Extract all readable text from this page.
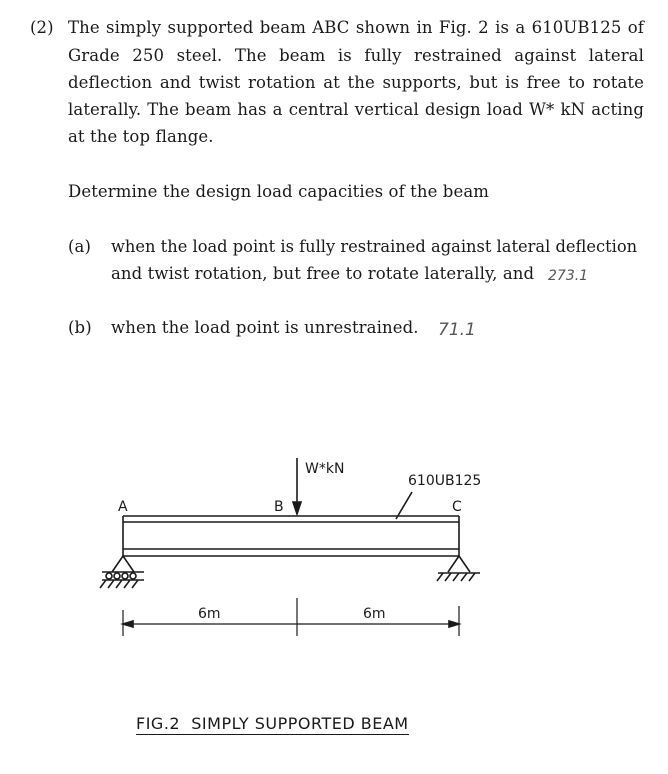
(2) The simply supported beam ABC shown in Fig. 2 is a 610UB125 of
Grade 250 steel. The beam is fully restrained against lateral
deflection and twist rotation at the supports, but is free to rotate
laterally. The beam has a central vertical design load W* kN acting
at the top flange.
Determine the design load capacities of the beam
(a) when the load point is fully restrained against lateral deflection
and twist rotation, but free to rotate laterally, and 273.1
(b) when the load point is unrestrained. 71.1
W*kN
610UB125
A	B	C
6m	6m
FIG.2  SIMPLY SUPPORTED BEAM
